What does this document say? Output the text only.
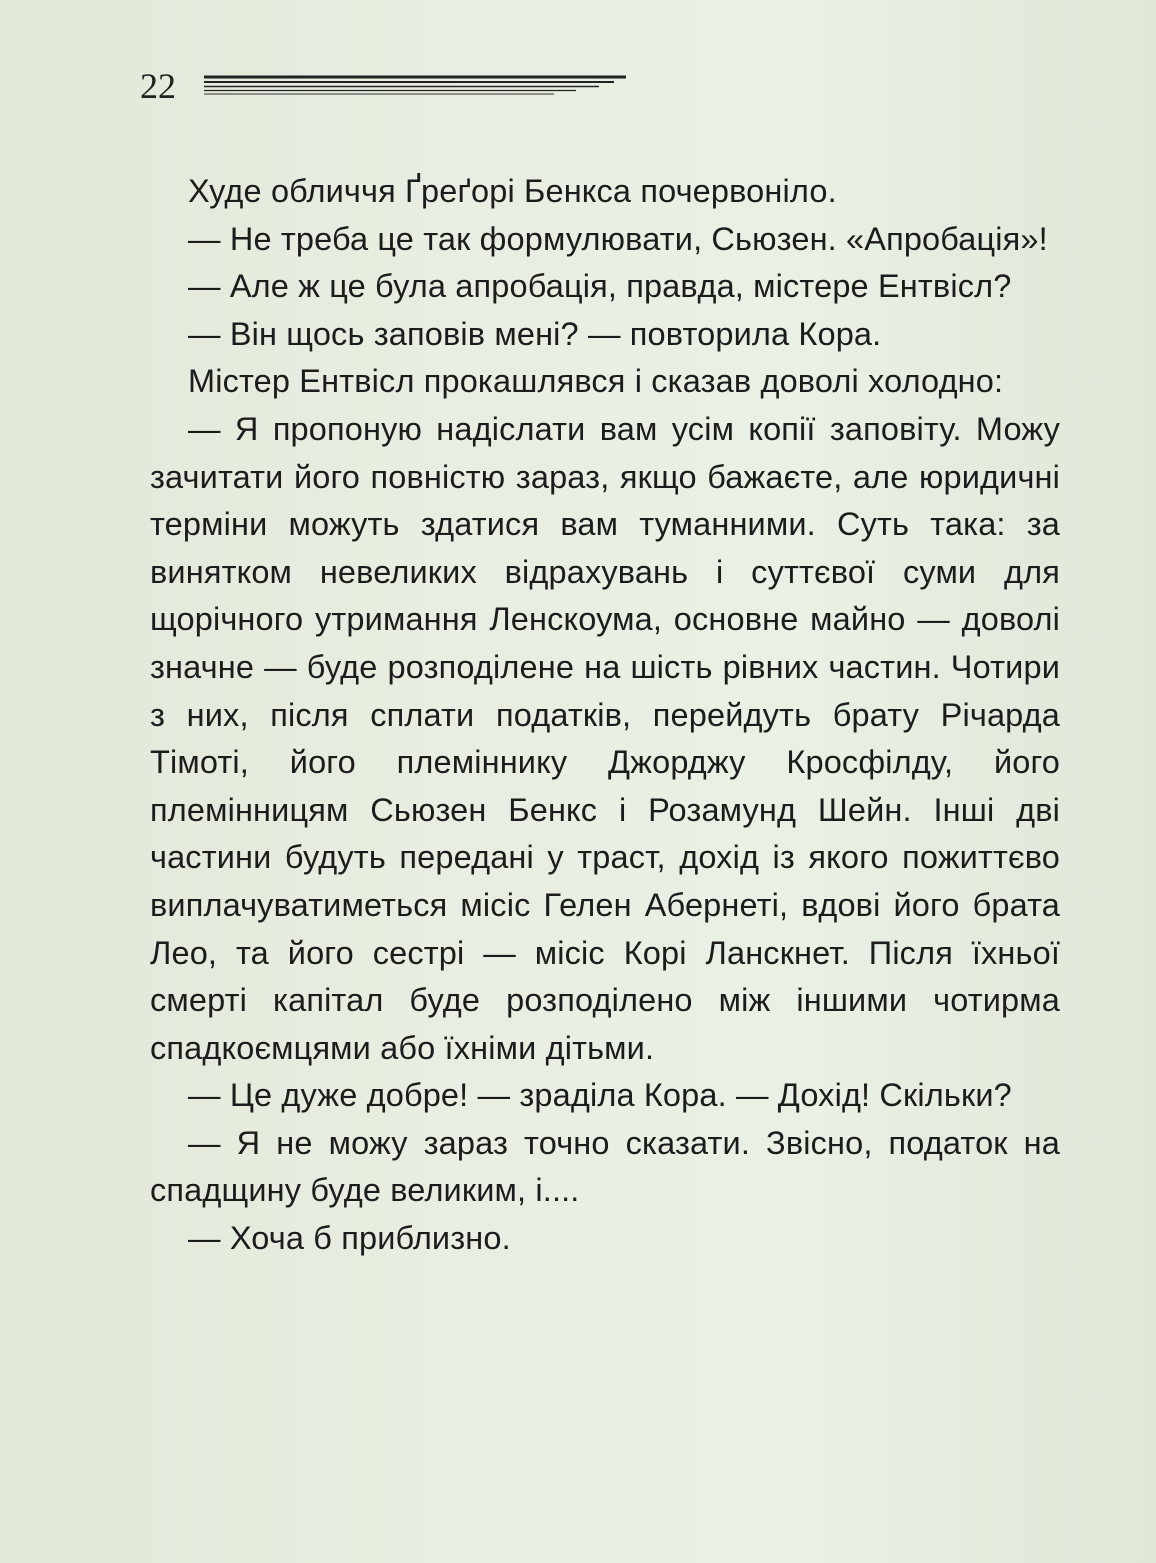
22

Худе обличчя Ґреґорі Бенкса почервоніло.

— Не треба це так формулювати, Сьюзен. «Апробація»!

— Але ж це була апробація, правда, містере Ентвісл?

— Він щось заповів мені? — повторила Кора.

Містер Ентвісл прокашлявся і сказав доволі холодно:

— Я пропоную надіслати вам усім копії заповіту. Можу зачитати його повністю зараз, якщо бажаєте, але юридичні терміни можуть здатися вам туманними. Суть така: за винятком невеликих відрахувань і суттєвої суми для щорічного утримання Ленскоума, основне майно — доволі значне — буде розподілене на шість рівних частин. Чотири з них, після сплати податків, перейдуть брату Річарда Тімоті, його племіннику Джорджу Кросфілду, його племінницям Сьюзен Бенкс і Розамунд Шейн. Інші дві частини будуть передані у траст, дохід із якого пожиттєво виплачуватиметься місіс Гелен Абернеті, вдові його брата Лео, та його сестрі — місіс Корі Ланскнет. Після їхньої смерті капітал буде розподілено між іншими чотирма спадкоємцями або їхніми дітьми.

— Це дуже добре! — зраділа Кора. — Дохід! Скільки?

— Я не можу зараз точно сказати. Звісно, податок на спадщину буде великим, і....

— Хоча б приблизно.
